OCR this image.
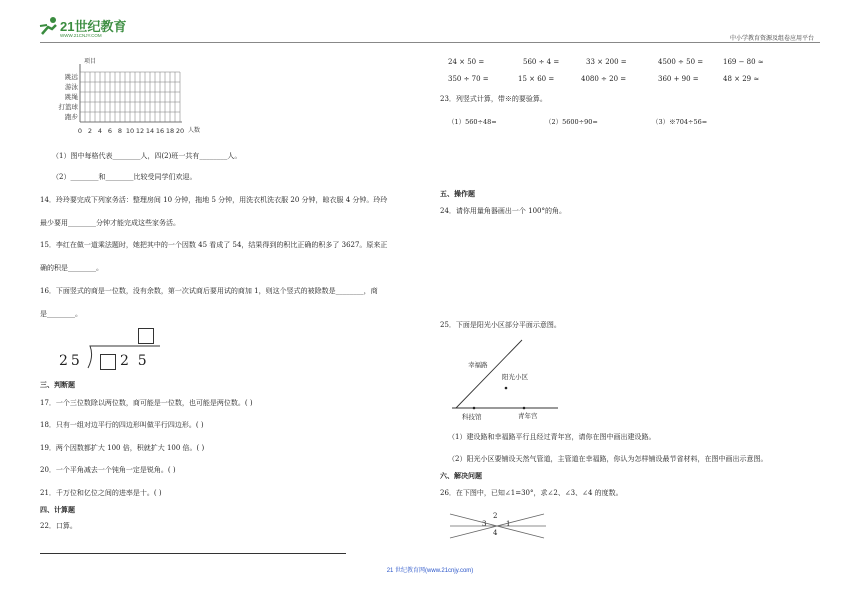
21世纪教育
WWW.21CNJY.COM
中小学教育资源及组卷应用平台
项目
跳远
游泳
跳绳
打篮球
跑步
0 2 4 6 8 10 12 14 16 18 20 人数
（1）图中每格代表________人，四(2)班一共有________人。
（2）________和________比较受同学们欢迎。
14．玲玲要完成下列家务活：整理房间 10 分钟，拖地 5 分钟，用洗衣机洗衣服 20 分钟，晾衣服 4 分钟。玲玲
最少要用________分钟才能完成这些家务活。
15．李红在做一道乘法题时，她把其中的一个因数 45 看成了 54，结果得到的积比正确的积多了 3627。原来正
确的积是________。
16．下面竖式的商是一位数，没有余数，第一次试商后要用试的商加 1，则这个竖式的被除数是________，商
是________。
25	2  5
三、判断题
17．一个三位数除以两位数，商可能是一位数，也可能是两位数。( )
18．只有一组对边平行的四边形叫做平行四边形。( )
19．两个因数都扩大 100 倍，积就扩大 100 倍。( )
20．一个平角减去一个钝角一定是锐角。( )
21．千万位和亿位之间的进率是十。( )
四、计算题
22．口算。
24 × 50 =	560 ÷ 4 =	33 × 200 =	4500 ÷ 50 =	169 − 80 ≈
350 ÷ 70 =	15 × 60 =	4080 ÷ 20 =	360 + 90 =	48 × 29 ≈
23．列竖式计算，带※的要验算。
（1）560÷48=	（2）5600÷90=	（3）※704÷56=
五、操作题
24．请你用量角器画出一个 100°的角。
25．下面是阳光小区部分平面示意图。
幸福路
阳光小区
科技馆	青年宫
（1）建设路和幸福路平行且经过青年宫，请你在图中画出建设路。
（2）阳光小区要铺设天然气管道，主管道在幸福路，你认为怎样铺设最节省材料，在图中画出示意图。
六、解决问题
26．在下图中，已知∠1=30°，求∠2、∠3、∠4 的度数。
2
1
3
4
21 世纪教育网(www.21cnjy.com)
